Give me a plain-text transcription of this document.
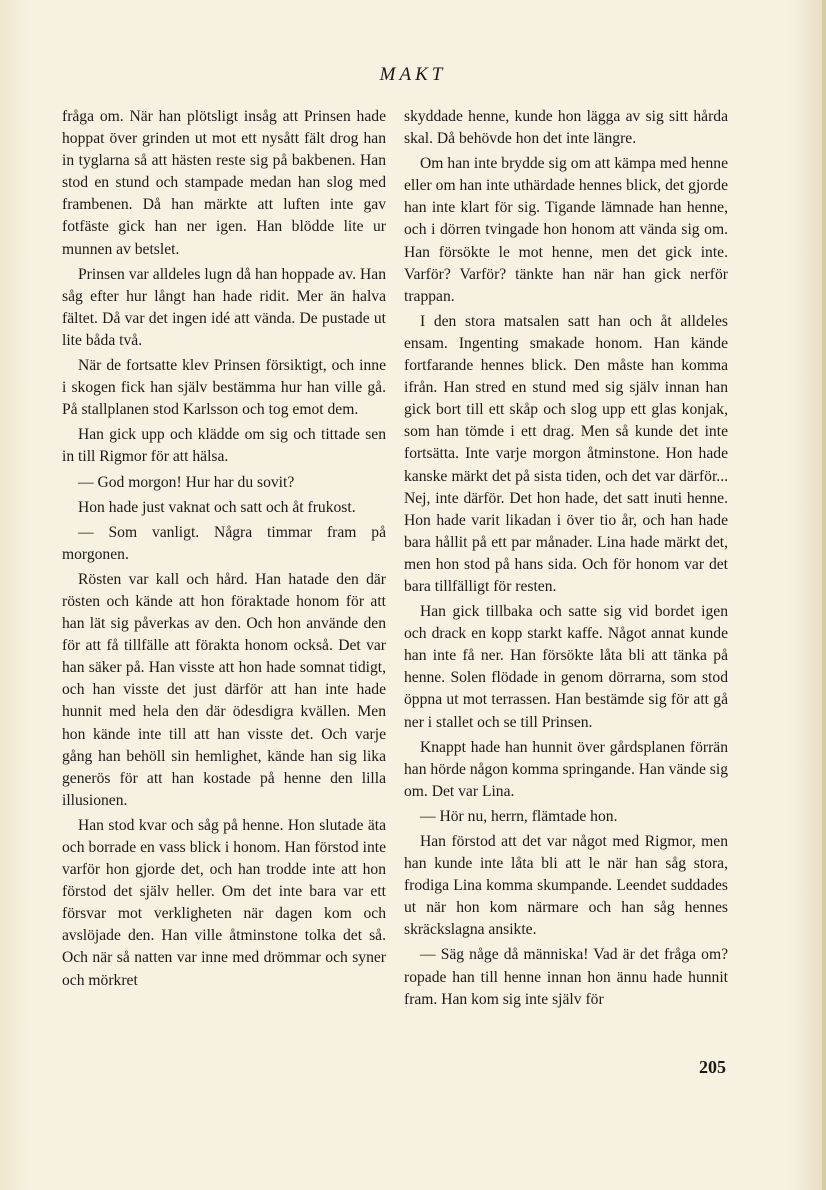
MAKT

fråga om. När han plötsligt insåg att Prinsen hade hoppat över grinden ut mot ett nysått fält drog han in tyglarna så att hästen reste sig på bakbenen. Han stod en stund och stampade medan han slog med frambenen. Då han märkte att luften inte gav fotfäste gick han ner igen. Han blödde lite ur munnen av betslet.

Prinsen var alldeles lugn då han hoppade av. Han såg efter hur långt han hade ridit. Mer än halva fältet. Då var det ingen idé att vända. De pustade ut lite båda två.

När de fortsatte klev Prinsen försiktigt, och inne i skogen fick han själv bestämma hur han ville gå. På stallplanen stod Karlsson och tog emot dem.

Han gick upp och klädde om sig och tittade sen in till Rigmor för att hälsa.

— God morgon! Hur har du sovit?

Hon hade just vaknat och satt och åt frukost.

— Som vanligt. Några timmar fram på morgonen.

Rösten var kall och hård. Han hatade den där rösten och kände att hon föraktade honom för att han lät sig påverkas av den. Och hon använde den för att få tillfälle att förakta honom också. Det var han säker på. Han visste att hon hade somnat tidigt, och han visste det just därför att han inte hade hunnit med hela den där ödesdigra kvällen. Men hon kände inte till att han visste det. Och varje gång han behöll sin hemlighet, kände han sig lika generös för att han kostade på henne den lilla illusionen.

Han stod kvar och såg på henne. Hon slutade äta och borrade en vass blick i honom. Han förstod inte varför hon gjorde det, och han trodde inte att hon förstod det själv heller. Om det inte bara var ett försvar mot verkligheten när dagen kom och avslöjade den. Han ville åtminstone tolka det så. Och när så natten var inne med drömmar och syner och mörkret

skyddade henne, kunde hon lägga av sig sitt hårda skal. Då behövde hon det inte längre.

Om han inte brydde sig om att kämpa med henne eller om han inte uthärdade hennes blick, det gjorde han inte klart för sig. Tigande lämnade han henne, och i dörren tvingade hon honom att vända sig om. Han försökte le mot henne, men det gick inte. Varför? Varför? tänkte han när han gick nerför trappan.

I den stora matsalen satt han och åt alldeles ensam. Ingenting smakade honom. Han kände fortfarande hennes blick. Den måste han komma ifrån. Han stred en stund med sig själv innan han gick bort till ett skåp och slog upp ett glas konjak, som han tömde i ett drag. Men så kunde det inte fortsätta. Inte varje morgon åtminstone. Hon hade kanske märkt det på sista tiden, och det var därför... Nej, inte därför. Det hon hade, det satt inuti henne. Hon hade varit likadan i över tio år, och han hade bara hållit på ett par månader. Lina hade märkt det, men hon stod på hans sida. Och för honom var det bara tillfälligt för resten.

Han gick tillbaka och satte sig vid bordet igen och drack en kopp starkt kaffe. Något annat kunde han inte få ner. Han försökte låta bli att tänka på henne. Solen flödade in genom dörrarna, som stod öppna ut mot terrassen. Han bestämde sig för att gå ner i stallet och se till Prinsen.

Knappt hade han hunnit över gårdsplanen förrän han hörde någon komma springande. Han vände sig om. Det var Lina.

— Hör nu, herrn, flämtade hon.

Han förstod att det var något med Rigmor, men han kunde inte låta bli att le när han såg stora, frodiga Lina komma skumpande. Leendet suddades ut när hon kom närmare och han såg hennes skräckslagna ansikte.

— Säg någe då människa! Vad är det fråga om? ropade han till henne innan hon ännu hade hunnit fram. Han kom sig inte själv för

205
